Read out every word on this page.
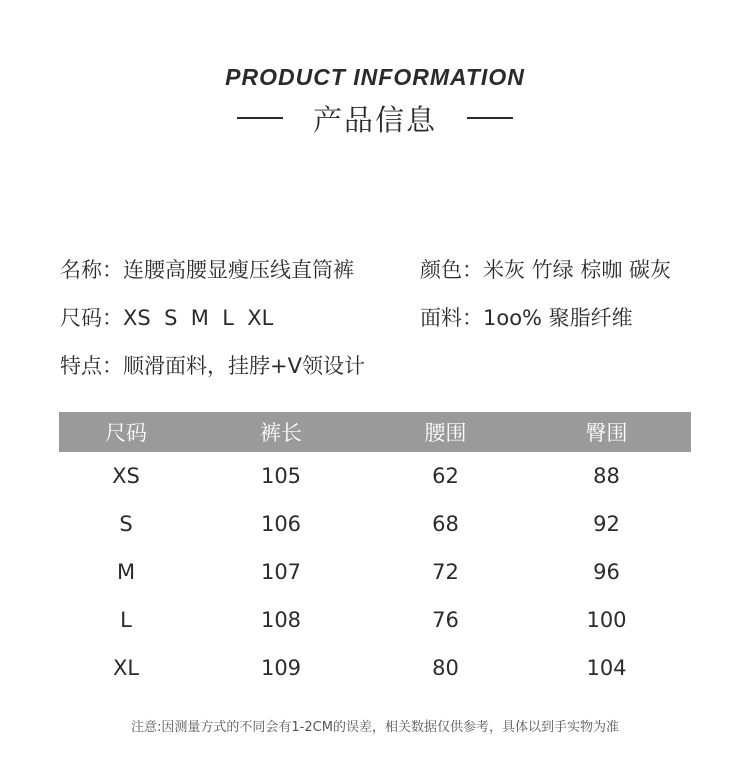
PRODUCT INFORMATION
产品信息
名称：连腰高腰显瘦压线直筒裤	颜色：米灰 竹绿 棕咖 碳灰
尺码：XS  S  M  L  XL	面料：1oo% 聚脂纤维
特点：顺滑面料，挂脖+V领设计
尺码	裤长	腰围	臀围
XS	105	62	88
S	106	68	92
M	107	72	96
L	108	76	100
XL	109	80	104
注意:因测量方式的不同会有1-2CM的误差，相关数据仅供参考，具体以到手实物为准
